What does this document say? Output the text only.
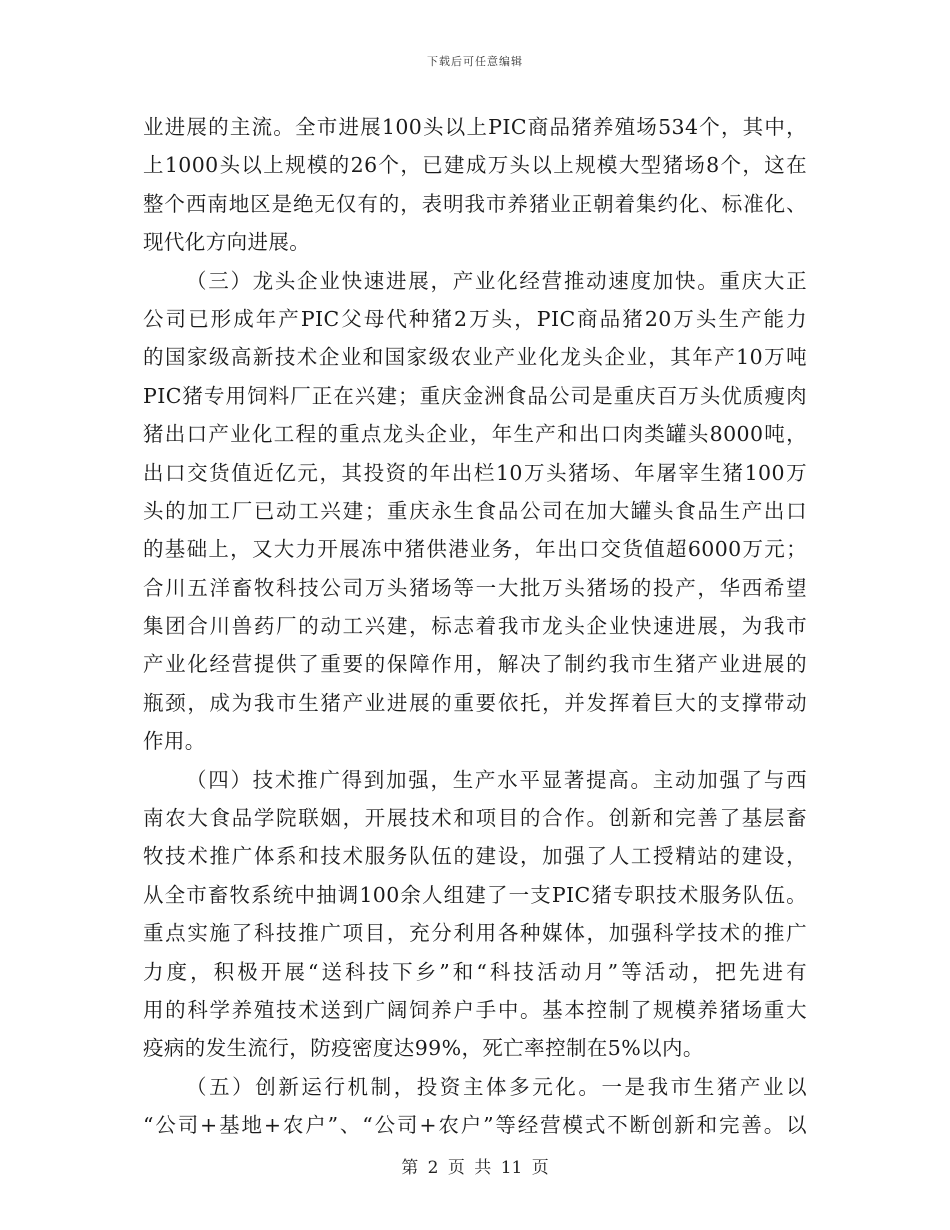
下载后可任意编辑
业进展的主流。全市进展100头以上PIC商品猪养殖场534个，其中，
上1000头以上规模的26个，已建成万头以上规模大型猪场8个，这在
整个西南地区是绝无仅有的，表明我市养猪业正朝着集约化、标准化、
现代化方向进展。
（三）龙头企业快速进展，产业化经营推动速度加快。重庆大正
公司已形成年产PIC父母代种猪2万头，PIC商品猪20万头生产能力
的国家级高新技术企业和国家级农业产业化龙头企业，其年产10万吨
PIC猪专用饲料厂正在兴建；重庆金洲食品公司是重庆百万头优质瘦肉
猪出口产业化工程的重点龙头企业，年生产和出口肉类罐头8000吨，
出口交货值近亿元，其投资的年出栏10万头猪场、年屠宰生猪100万
头的加工厂已动工兴建；重庆永生食品公司在加大罐头食品生产出口
的基础上，又大力开展冻中猪供港业务，年出口交货值超6000万元；
合川五洋畜牧科技公司万头猪场等一大批万头猪场的投产，华西希望
集团合川兽药厂的动工兴建，标志着我市龙头企业快速进展，为我市
产业化经营提供了重要的保障作用，解决了制约我市生猪产业进展的
瓶颈，成为我市生猪产业进展的重要依托，并发挥着巨大的支撑带动
作用。
（四）技术推广得到加强，生产水平显著提高。主动加强了与西
南农大食品学院联姻，开展技术和项目的合作。创新和完善了基层畜
牧技术推广体系和技术服务队伍的建设，加强了人工授精站的建设，
从全市畜牧系统中抽调100余人组建了一支PIC猪专职技术服务队伍。
重点实施了科技推广项目，充分利用各种媒体，加强科学技术的推广
力度，积极开展“送科技下乡”和“科技活动月”等活动，把先进有
用的科学养殖技术送到广阔饲养户手中。基本控制了规模养猪场重大
疫病的发生流行，防疫密度达99%，死亡率控制在5%以内。
（五）创新运行机制，投资主体多元化。一是我市生猪产业以
“公司+基地+农户”、“公司+农户”等经营模式不断创新和完善。以
第 2 页 共 11 页
